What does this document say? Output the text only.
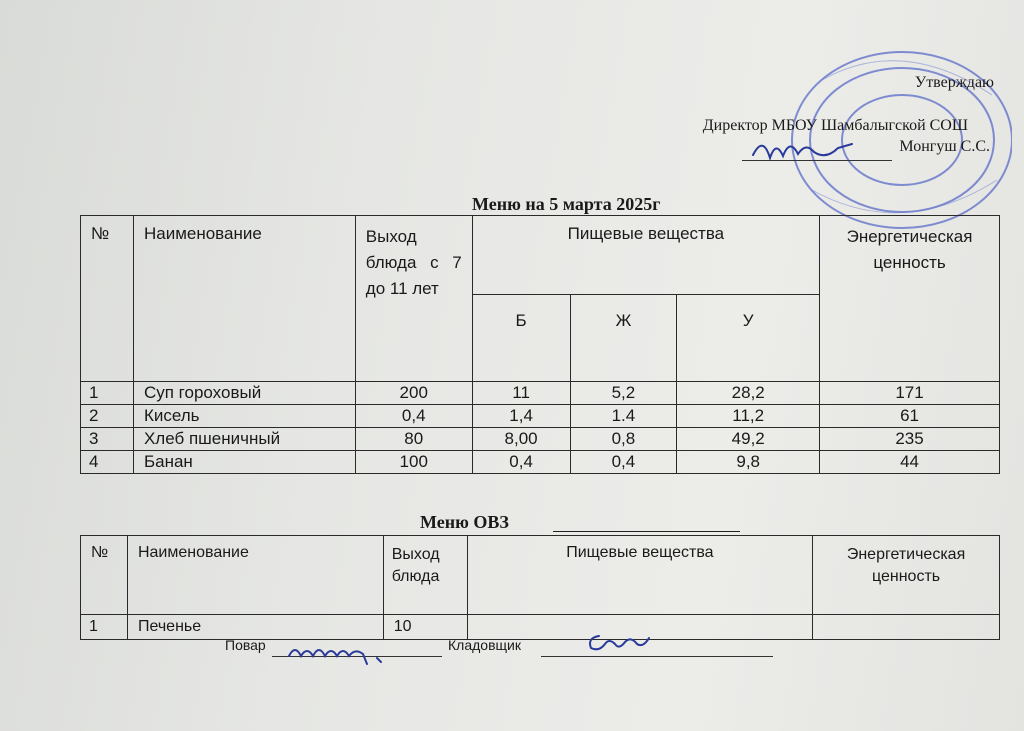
Утверждаю
Директор МБОУ Шамбалыгской СОШ
Монгуш С.С.
Меню на 5 марта 2025г
№	Наименование	Выход блюда с 7 до 11 лет	Пищевые вещества			Энергетическая ценность
			Б	Ж	У	
1	Суп гороховый	200	11	5,2	28,2	171
2	Кисель	0,4	1,4	1.4	11,2	61
3	Хлеб пшеничный	80	8,00	0,8	49,2	235
4	Банан	100	0,4	0,4	9,8	44
Меню ОВЗ
№	Наименование	Выход блюда	Пищевые вещества	Энергетическая ценность
1	Печенье	10		
Повар	Кладовщик
